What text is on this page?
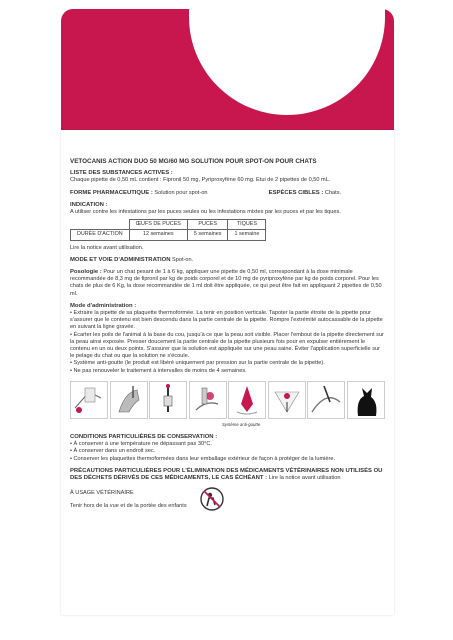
VETOCANIS ACTION DUO 50 MG/60 MG SOLUTION POUR SPOT-ON POUR CHATS

LISTE DES SUBSTANCES ACTIVES :

Chaque pipette de 0,50 mL contient : Fipronil 50 mg, Pyriproxyfène 60 mg. Etui de 2 pipettes de 0,50 mL.

FORME PHARMACEUTIQUE : Solution pour spot-on	ESPÈCES CIBLES : Chats.

INDICATION :

A utiliser contre les infestations par les puces seules ou les infestations mixtes par les puces et par les tiques.

	ŒUFS DE PUCES	PUCES	TIQUES
DURÉE D'ACTION	12 semaines	5 semaines	1 semaine

Lire la notice avant utilisation.

MODE ET VOIE D'ADMINISTRATION Spot-on.

Posologie : Pour un chat pesant de 1 à 6 kg, appliquer une pipette de 0,50 ml, correspondant à la dose minimale recommandée de 8,3 mg de fipronil par kg de poids corporel et de 10 mg de pyriproxyfène par kg de poids corporel. Pour les chats de plus de 6 Kg, la dose recommandée de 1 ml doit être appliquée, ce qui peut être fait en appliquant 2 pipettes de 0,50 ml.

Mode d'administration :

• Extraire la pipette de sa plaquette thermoformée. La tenir en position verticale. Tapoter la partie étroite de la pipette pour s'assurer que le contenu est bien descendu dans la partie centrale de la pipette. Rompre l'extrémité autocassable de la pipette en suivant la ligne gravée.

• Écarter les poils de l'animal à la base du cou, jusqu'à ce que la peau soit visible. Placer l'embout de la pipette directement sur la peau ainsi exposée. Presser doucement la partie centrale de la pipette plusieurs fois pour en expulser entièrement le contenu en un ou deux points. S'assurer que la solution est appliquée sur une peau saine. Éviter l'application superficielle sur le pelage du chat ou que la solution ne s'écoule.

• Système anti-goutte (le produit est libéré uniquement par pression sur la partie centrale de la pipette).

• Ne pas renouveler le traitement à intervalles de moins de 4 semaines.

Système anti-goutte

CONDITIONS PARTICULIÈRES DE CONSERVATION :

• À conserver à une température ne dépassant pas 30°C.

• À conserver dans un endroit sec.

• Conserver les plaquettes thermoformées dans leur emballage extérieur de façon à protéger de la lumière.

PRÉCAUTIONS PARTICULIÈRES POUR L'ÉLIMINATION DES MÉDICAMENTS VÉTÉRINAIRES NON UTILISÉS OU DES DÉCHETS DÉRIVÉS DE CES MÉDICAMENTS, LE CAS ÉCHÉANT : Lire la notice avant utilisation

À USAGE VÉTÉRINAIRE

Tenir hors de la vue et de la portée des enfants
